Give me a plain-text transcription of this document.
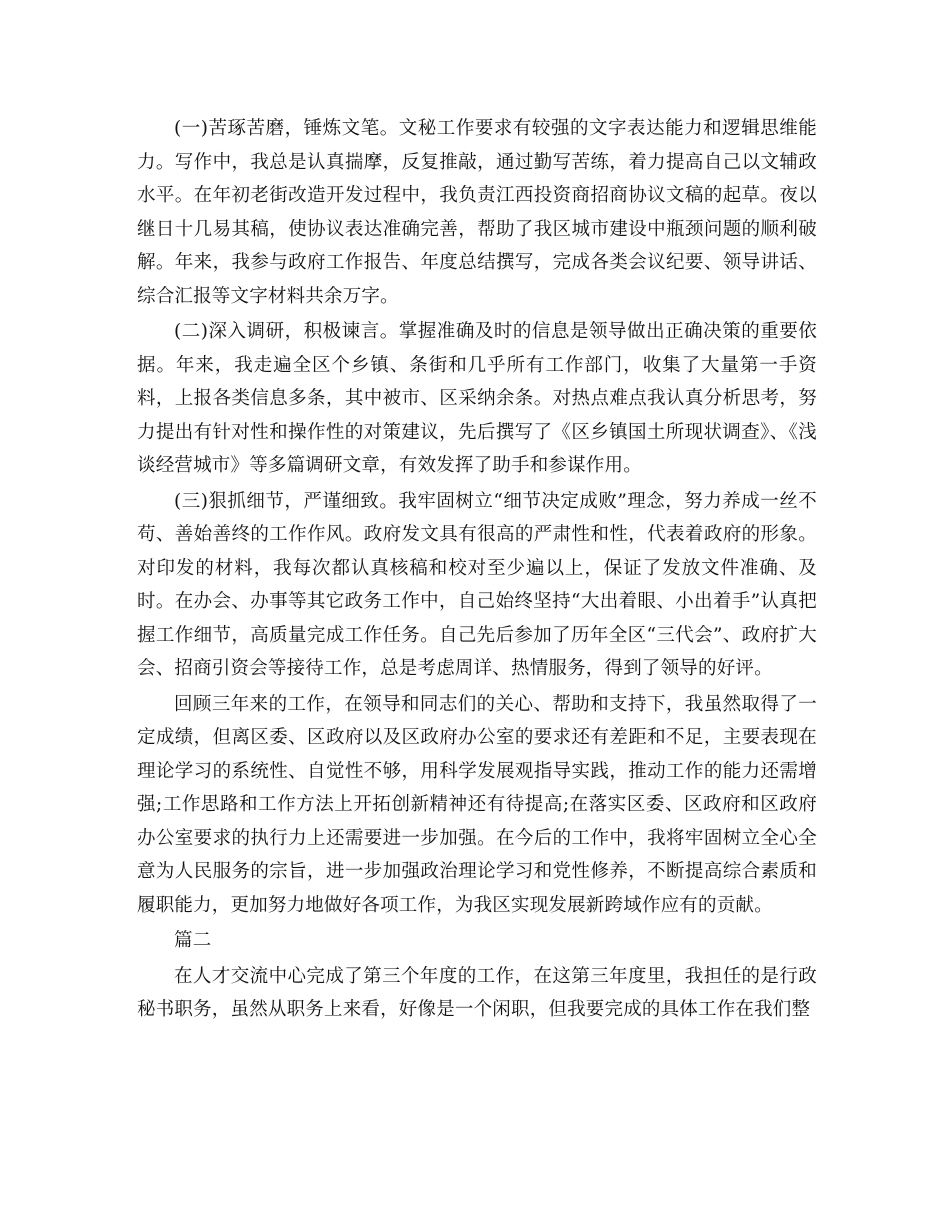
(一)苦琢苦磨，锤炼文笔。文秘工作要求有较强的文字表达能力和逻辑思维能力。写作中，我总是认真揣摩，反复推敲，通过勤写苦练，着力提高自己以文辅政水平。在年初老街改造开发过程中，我负责江西投资商招商协议文稿的起草。夜以继日十几易其稿，使协议表达准确完善，帮助了我区城市建设中瓶颈问题的顺利破解。年来，我参与政府工作报告、年度总结撰写，完成各类会议纪要、领导讲话、综合汇报等文字材料共余万字。

(二)深入调研，积极谏言。掌握准确及时的信息是领导做出正确决策的重要依据。年来，我走遍全区个乡镇、条街和几乎所有工作部门，收集了大量第一手资料，上报各类信息多条，其中被市、区采纳余条。对热点难点我认真分析思考，努力提出有针对性和操作性的对策建议，先后撰写了《区乡镇国土所现状调查》、《浅谈经营城市》等多篇调研文章，有效发挥了助手和参谋作用。

(三)狠抓细节，严谨细致。我牢固树立“细节决定成败”理念，努力养成一丝不苟、善始善终的工作作风。政府发文具有很高的严肃性和性，代表着政府的形象。对印发的材料，我每次都认真核稿和校对至少遍以上，保证了发放文件准确、及时。在办会、办事等其它政务工作中，自己始终坚持“大出着眼、小出着手”认真把握工作细节，高质量完成工作任务。自己先后参加了历年全区“三代会”、政府扩大会、招商引资会等接待工作，总是考虑周详、热情服务，得到了领导的好评。

回顾三年来的工作，在领导和同志们的关心、帮助和支持下，我虽然取得了一定成绩，但离区委、区政府以及区政府办公室的要求还有差距和不足，主要表现在理论学习的系统性、自觉性不够，用科学发展观指导实践，推动工作的能力还需增强;工作思路和工作方法上开拓创新精神还有待提高;在落实区委、区政府和区政府办公室要求的执行力上还需要进一步加强。在今后的工作中，我将牢固树立全心全意为人民服务的宗旨，进一步加强政治理论学习和党性修养，不断提高综合素质和履职能力，更加努力地做好各项工作，为我区实现发展新跨域作应有的贡献。

篇二

在人才交流中心完成了第三个年度的工作，在这第三年度里，我担任的是行政秘书职务，虽然从职务上来看，好像是一个闲职，但我要完成的具体工作在我们整
